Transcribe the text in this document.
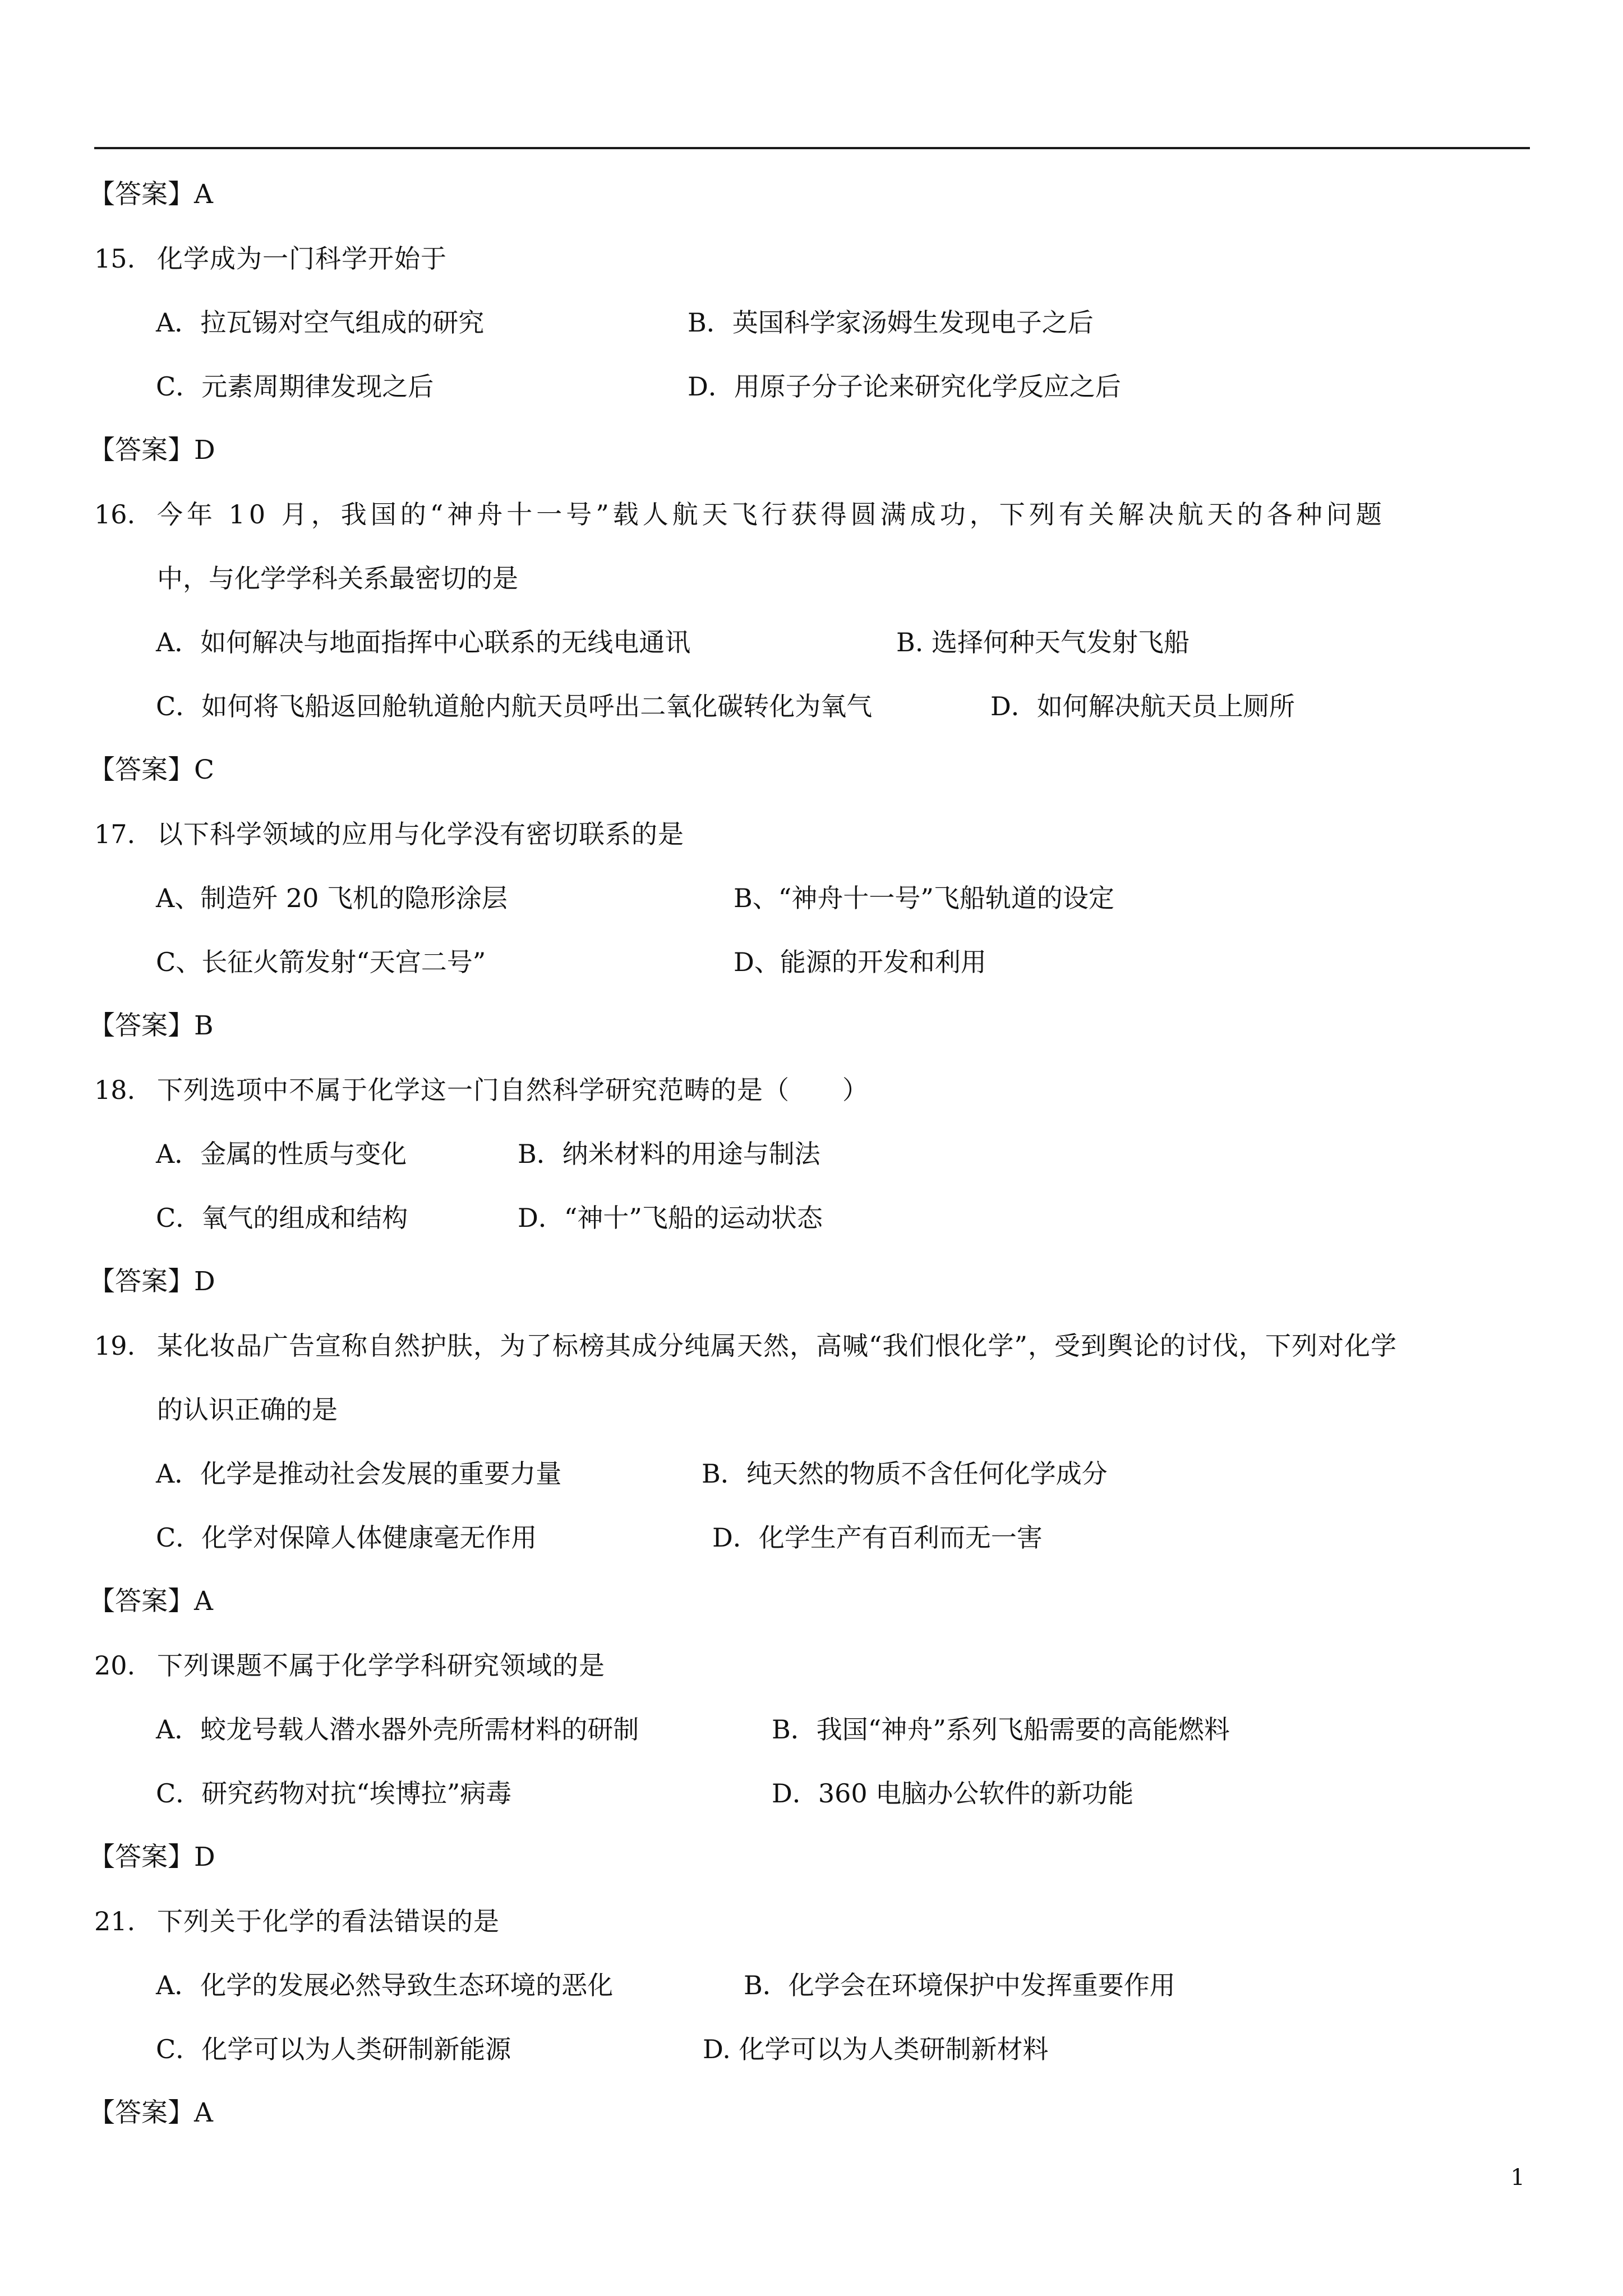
【答案】A
15. 化学成为一门科学开始于
A．拉瓦锡对空气组成的研究	B．英国科学家汤姆生发现电子之后
C．元素周期律发现之后	D．用原子分子论来研究化学反应之后
【答案】D
16. 今年 10 月，我国的“神舟十一号”载人航天飞行获得圆满成功，下列有关解决航天的各种问题
中，与化学学科关系最密切的是
A．如何解决与地面指挥中心联系的无线电通讯	B. 选择何种天气发射飞船
C．如何将飞船返回舱轨道舱内航天员呼出二氧化碳转化为氧气	D．如何解决航天员上厕所
【答案】C
17. 以下科学领域的应用与化学没有密切联系的是
A、制造歼 20 飞机的隐形涂层	B、“神舟十一号”飞船轨道的设定
C、长征火箭发射“天宫二号”	D、能源的开发和利用
【答案】B
18. 下列选项中不属于化学这一门自然科学研究范畴的是（　　）
A．金属的性质与变化	B．纳米材料的用途与制法
C．氧气的组成和结构	D．“神十”飞船的运动状态
【答案】D
19. 某化妆品广告宣称自然护肤，为了标榜其成分纯属天然，高喊“我们恨化学”，受到舆论的讨伐，下列对化学
的认识正确的是
A．化学是推动社会发展的重要力量	B．纯天然的物质不含任何化学成分
C．化学对保障人体健康毫无作用	D．化学生产有百利而无一害
【答案】A
20. 下列课题不属于化学学科研究领域的是
A．蛟龙号载人潜水器外壳所需材料的研制	B．我国“神舟”系列飞船需要的高能燃料
C．研究药物对抗“埃博拉”病毒	D．360 电脑办公软件的新功能
【答案】D
21. 下列关于化学的看法错误的是
A．化学的发展必然导致生态环境的恶化	B．化学会在环境保护中发挥重要作用
C．化学可以为人类研制新能源	D. 化学可以为人类研制新材料
【答案】A
1
